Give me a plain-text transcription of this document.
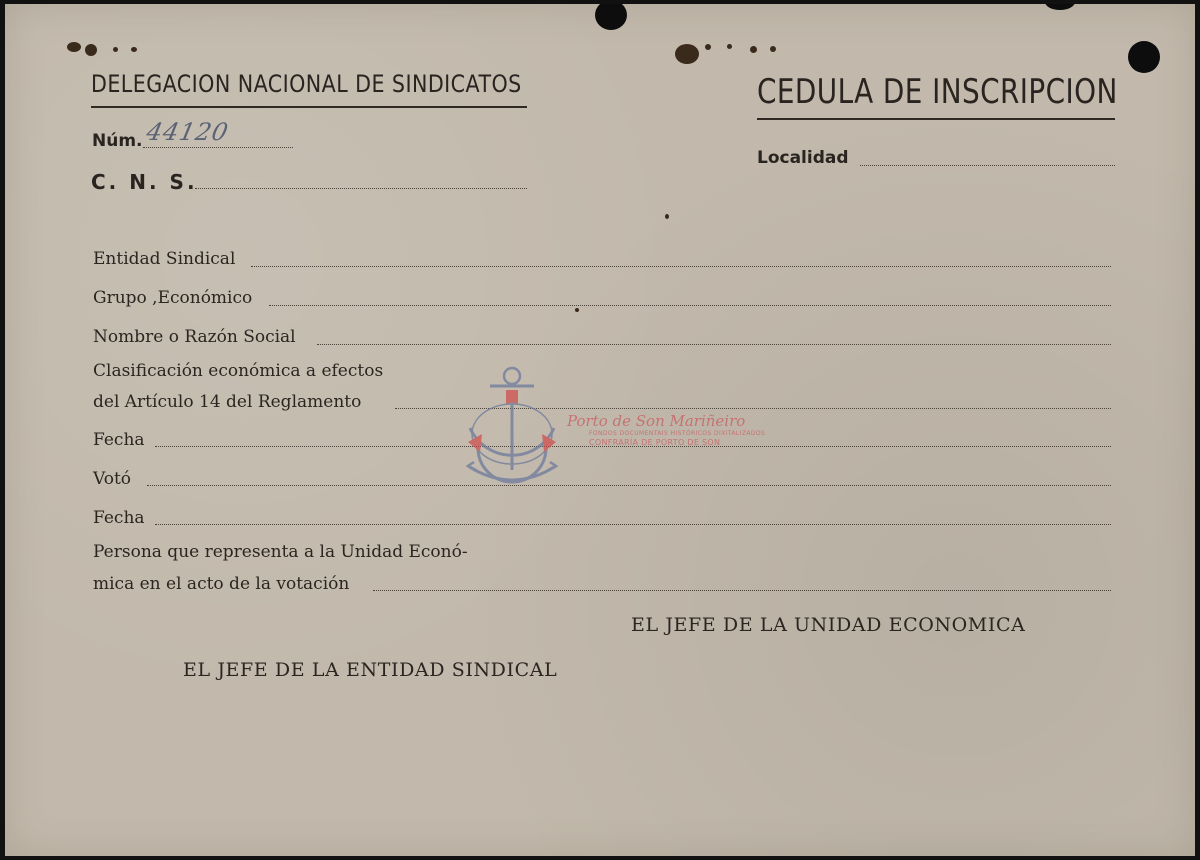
DELEGACION NACIONAL DE SINDICATOS	CEDULA DE INSCRIPCION
Núm. 44120
C. N. S.
Localidad
Entidad Sindical
Grupo ,Económico
Nombre o Razón Social
Clasificación económica a efectos
del Artículo 14 del Reglamento
Fecha
Votó
Fecha
Persona que representa a la Unidad Econó-
mica en el acto de la votación
EL JEFE DE LA UNIDAD ECONOMICA
EL JEFE DE LA ENTIDAD SINDICAL
Porto de Son Mariñeiro
FONDOS DOCUMENTAIS HISTÓRICOS DIXITALIZADOS
CONFRARÍA DE PORTO DE SON
